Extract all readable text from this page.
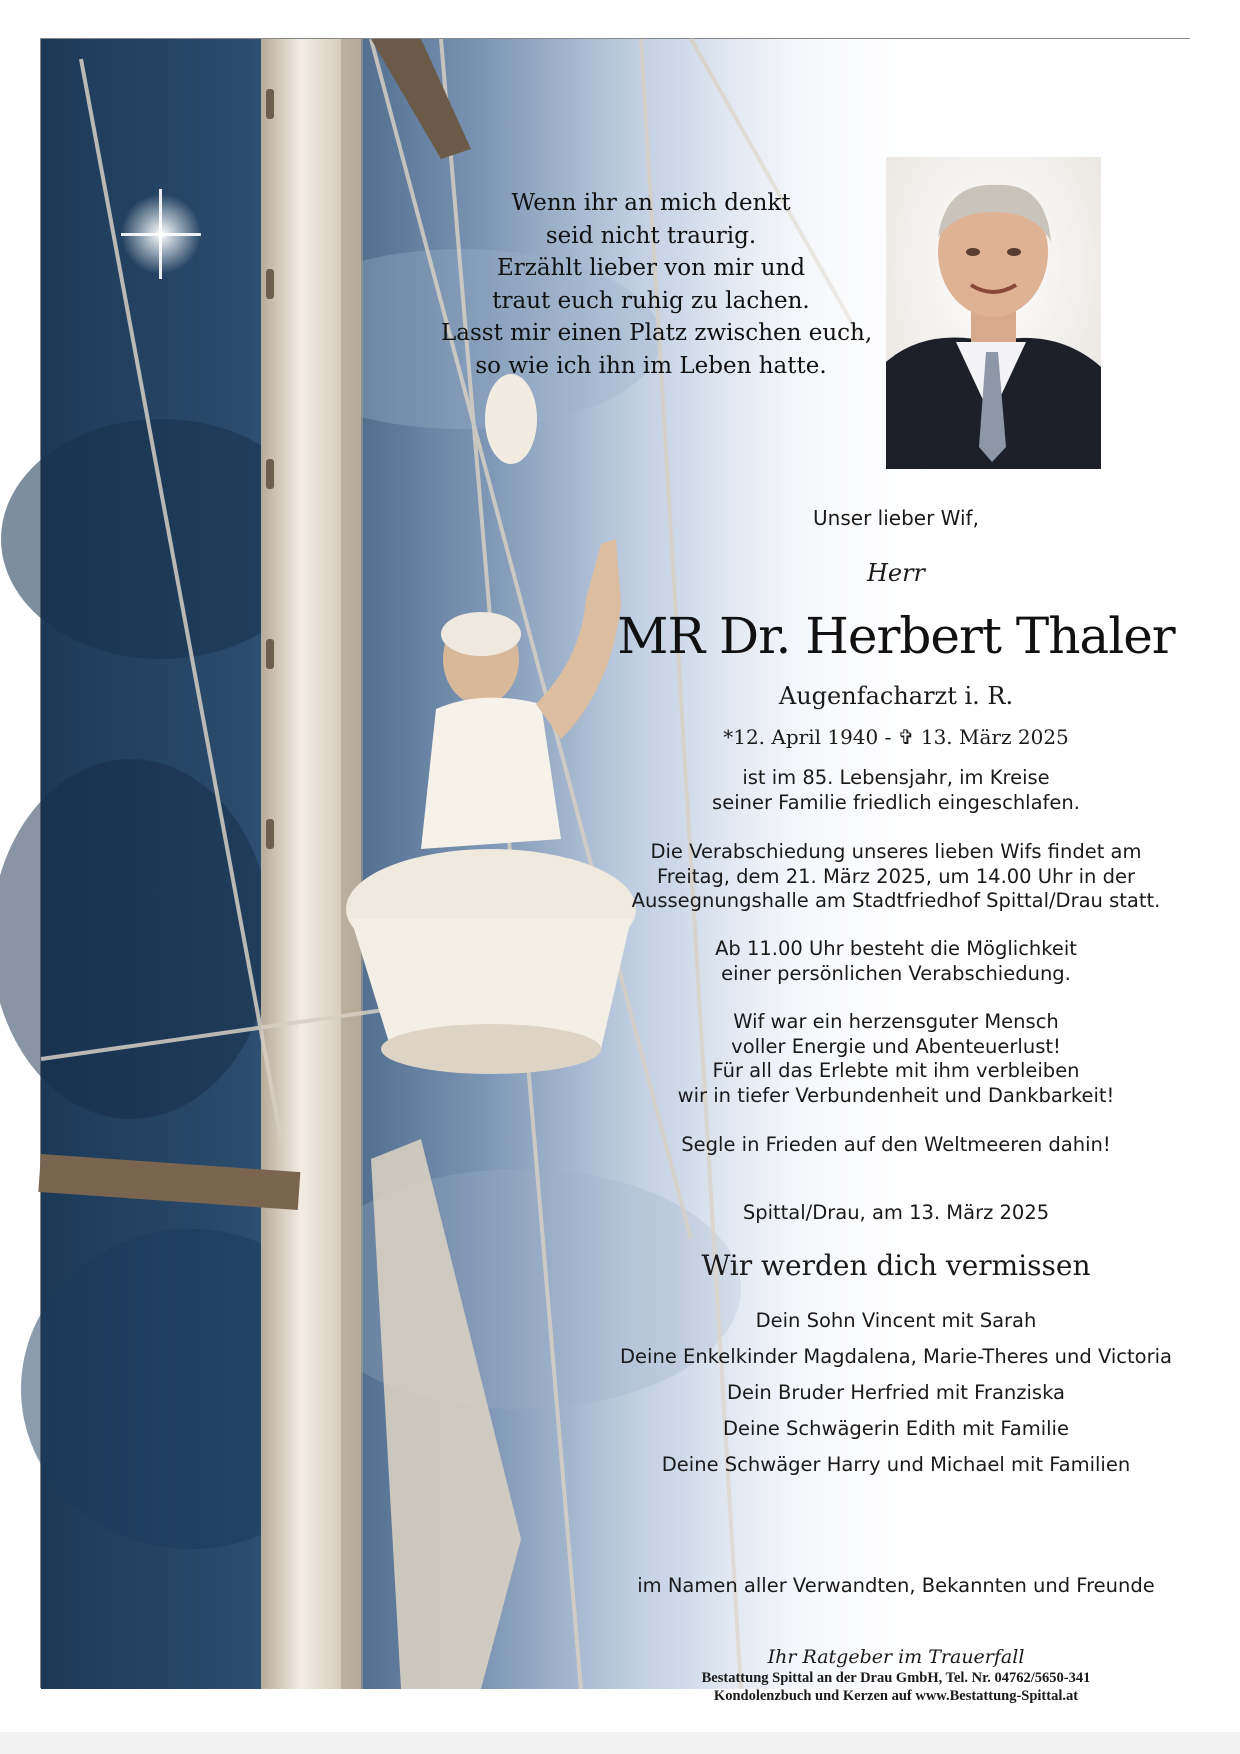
Wenn ihr an mich denkt
seid nicht traurig.
Erzählt lieber von mir und
traut euch ruhig zu lachen.
Lasst mir einen Platz zwischen euch,
so wie ich ihn im Leben hatte.
Unser lieber Wif,
Herr
MR Dr. Herbert Thaler
Augenfacharzt i. R.
*12. April 1940 - ✞ 13. März 2025
ist im 85. Lebensjahr, im Kreise
seiner Familie friedlich eingeschlafen.
Die Verabschiedung unseres lieben Wifs findet am
Freitag, dem 21. März 2025, um 14.00 Uhr in der
Aussegnungshalle am Stadtfriedhof Spittal/Drau statt.
Ab 11.00 Uhr besteht die Möglichkeit
einer persönlichen Verabschiedung.
Wif war ein herzensguter Mensch
voller Energie und Abenteuerlust!
Für all das Erlebte mit ihm verbleiben
wir in tiefer Verbundenheit und Dankbarkeit!
Segle in Frieden auf den Weltmeeren dahin!
Spittal/Drau, am 13. März 2025
Wir werden dich vermissen
Dein Sohn Vincent mit Sarah
Deine Enkelkinder Magdalena, Marie-Theres und Victoria
Dein Bruder Herfried mit Franziska
Deine Schwägerin Edith mit Familie
Deine Schwäger Harry und Michael mit Familien
im Namen aller Verwandten, Bekannten und Freunde
Ihr Ratgeber im Trauerfall
Bestattung Spittal an der Drau GmbH, Tel. Nr. 04762/5650-341
Kondolenzbuch und Kerzen auf www.Bestattung-Spittal.at
